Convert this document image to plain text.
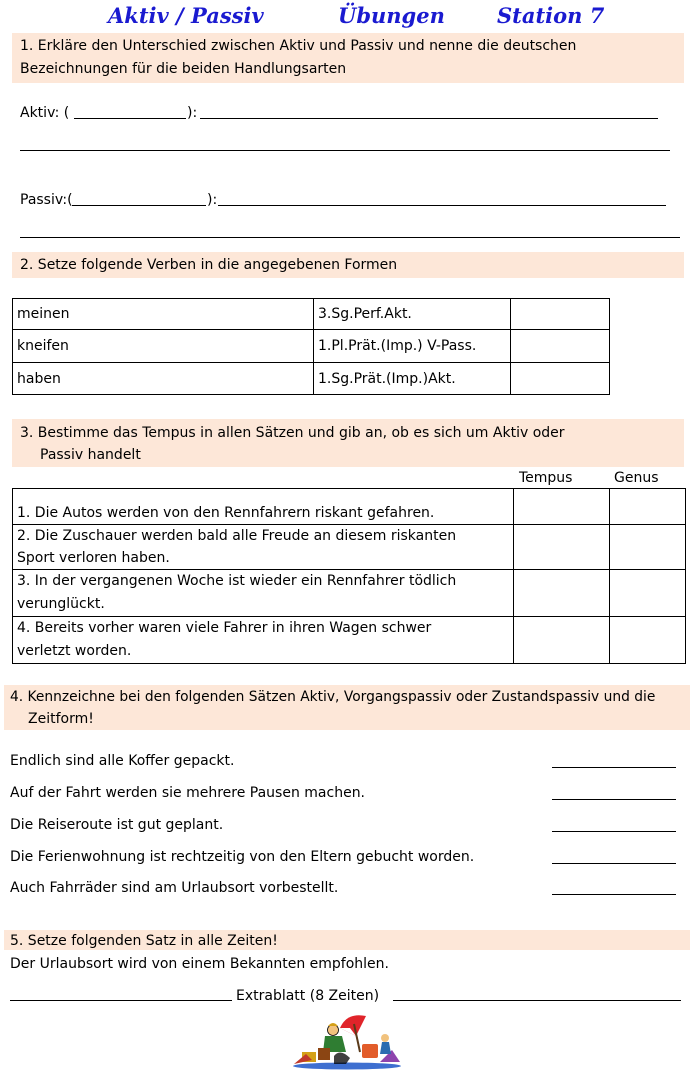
Aktiv / Passiv	Übungen Station 7
1. Erkläre den Unterschied zwischen Aktiv und Passiv und nenne die deutschen
Bezeichnungen für die beiden Handlungsarten
Aktiv: (	):
Passiv:(	):
2. Setze folgende Verben in die angegebenen Formen
meinen	3.Sg.Perf.Akt.	
kneifen	1.Pl.Prät.(Imp.) V-Pass.	
haben	1.Sg.Prät.(Imp.)Akt.	
3. Bestimme das Tempus in allen Sätzen und gib an, ob es sich um Aktiv oder
Passiv handelt
Tempus	Genus
1. Die Autos werden von den Rennfahrern riskant gefahren.		

2. Die Zuschauer werden bald alle Freude an diesem riskanten
Sport verloren haben.		

3. In der vergangenen Woche ist wieder ein Rennfahrer tödlich
verunglückt.		

4. Bereits vorher waren viele Fahrer in ihren Wagen schwer
verletzt worden.		

4. Kennzeichne bei den folgenden Sätzen Aktiv, Vorgangspassiv oder Zustandspassiv und die
Zeitform!
Endlich sind alle Koffer gepackt.
Auf der Fahrt werden sie mehrere Pausen machen.
Die Reiseroute ist gut geplant.
Die Ferienwohnung ist rechtzeitig von den Eltern gebucht worden.
Auch Fahrräder sind am Urlaubsort vorbestellt.
5. Setze folgenden Satz in alle Zeiten!
Der Urlaubsort wird von einem Bekannten empfohlen.
Extrablatt (8 Zeiten)
